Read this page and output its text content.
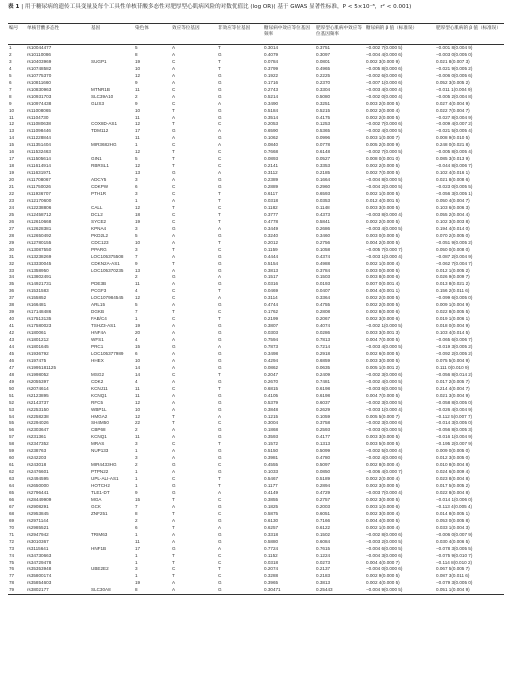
表 1 | 用于糖尿病的遗传工具变量及每个工具性单核苷酸多态性对肥厚型心肌病风险的对数优值比 (log OR)( 基于 GWAS 显著性标准，P < 5×10⁻⁸，r² < 0.001)
编号	单核苷酸多态性	基因	染色体	效应等位基因	非效应等位基因	糖尿病中效应等位基因频率	肥厚型心肌病中效应等位基因频率	糖尿病的 β 值（标准误）	肥厚型心肌病的 β 值（标准误）
1	rs10044477		5	A	T	0.3014	0.3751	−0.002 7(0.000 5)	−0.001 8(0.004 9)
2	rs10110086		8	A	G	0.4079	0.3097	−0.004 4(0.000 6)	−0.003 0(0.005 0)
3	rs10403969	SUGP1	19	C	T	0.0784	0.0801	0.002 3(0.000 9)	0.021 8(0.007 3)
4	rs10748582		10	A	T	0.3799	0.4965	−0.005 8(0.000 6)	−0.021 9(0.005 2)
5	rs10775370		12	A	G	0.1922	0.2225	−0.002 6(0.000 6)	−0.006 0(0.005 6)
6	rs10811660		9	A	G	0.1716	0.2370	−0.007 1(0.000 6)	0.052 3(0.005 2)
7	rs10830963	MTNR1B	11	C	G	0.2743	0.3304	−0.003 4(0.000 4)	−0.011 1(0.004 9)
8	rs10931703	SLC39A10	2	A	G	0.5214	0.5080	−0.002 0(0.000 4)	−0.005 2(0.004 8)
9	rs10974438	GLIS3	9	C	A	0.3490	0.3251	0.003 2(0.000 5)	0.027 4(0.004 9)
10	rs11008065		10	T	G	0.5184	0.5215	0.002 2(0.000 4)	0.022 7(0.004 7)
11	rs1104730		11	A	G	0.3514	0.4175	0.002 2(0.000 5)	−0.027 8(0.004 9)
12	rs11080638	COX8D-AS1	12	T	C	0.2053	0.1253	−0.002 7(0.000 6)	−0.009 4(0.007 2)
13	rs11098446	TDM112	17	G	A	0.6590	0.5365	−0.002 4(0.000 5)	−0.021 5(0.005 4)
14	rs11228844		11	A	G	0.1062	0.0996	0.003 1(0.000 7)	0.008 9(0.010 5)
15	rs11351404	MIR3682HG	1	C	A	0.0840	0.0778	0.005 2(0.000 9)	0.248 0(0.021 8)
16	rs11532463		12	T	C	0.7668	0.6148	−0.002 7(0.000 5)	−0.005 8(0.005 4)
17	rs11505614	GIN1	5	T	C	0.0893	0.0527	0.008 0(0.001 0)	0.085 3(0.013 9)
18	rs11614914	RBRSL1	12	T	C	0.2141	0.3353	0.002 2(0.000 5)	−0.044 8(0.006 7)
19	rs11631971		13	G	A	0.3112	0.2185	0.002 7(0.000 5)	0.102 4(0.016 1)
20	rs11708067	ADCY5	3	A	G	0.2389	0.1664	−0.004 8(0.000 5)	0.021 8(0.008 6)
21	rs11750026	CDKPW	6	C	G	0.2889	0.2960	−0.004 2(0.000 5)	−0.023 0(0.005 5)
22	rs11936707	PTH1R	3	C	T	0.6117	0.6593	0.002 1(0.000 5)	−0.056 3(0.005 1)
23	rs12170600		1	A	T	0.0318	0.0353	0.012 4(0.001 5)	0.050 4(0.004 7)
24	rs12238806	CALL	12	T	C	0.1182	0.1148	0.003 3(0.000 5)	0.103 6(0.006 3)
25	rs12458712	DCL2	18	C	T	0.3777	0.4373	−0.003 8(0.000 4)	0.055 2(0.004 4)
26	rs12610668	SYCE2	19	C	T	0.4778	0.5841	0.002 2(0.000 5)	0.102 3(0.003 8)
27	rs12628381	KPNA4	3	G	A	0.3449	0.2686	−0.003 4(0.000 5)	0.194 4(0.014 0)
28	rs12650492	PKD2L2	5	A	G	0.3240	0.3460	0.003 0(0.000 5)	0.070 2(0.005 0)
29	rs12780155	CDC123	10	A	T	0.2012	0.2756	0.004 2(0.000 5)	−0.051 9(0.005 2)
30	rs13087550	PPARG	3	T	C	0.1159	0.1058	−0.005 7(0.000 7)	0.050 0(0.008 0)
31	rs13238269	LOC105375508	7	A	G	0.4444	0.4374	−0.003 1(0.000 4)	−0.087 2(0.004 9)
32	rs13330045	CDKN2A-AS1	9	T	G	0.5154	0.4988	0.002 1(0.000 4)	−0.062 7(0.004 7)
33	rs1358950	LOC105370235	13	A	G	0.3813	0.3784	0.003 0(0.000 5)	0.012 1(0.005 2)
34	rs13802491		2	G	A	0.1517	0.1503	0.003 8(0.000 6)	0.026 9(0.009 7)
35	rs14921731	PDE3B	11	A	G	0.0316	0.0193	0.007 0(0.001 4)	0.013 8(0.021 2)
36	rs1531583	PCGF3	4	C	T	0.0469	0.0407	0.004 4(0.001 1)	0.156 2(0.011 6)
37	rs155852	LOC107984545	12	C	A	0.3114	0.3364	0.002 2(0.000 5)	−0.099 6(0.005 0)
38	rs166481	ARL15	5	A	G	0.4744	0.4755	0.002 2(0.000 5)	0.009 1(0.004 9)
39	rs17148486	DGKB	7	T	C	0.1762	0.2808	0.002 8(0.000 6)	0.022 8(0.005 5)
40	rs17513135	FAB/C4	1	C	T	0.2199	0.2067	0.002 3(0.000 6)	0.019 1(0.006 1)
41	rs17580023	TSHZ3-AS1	19	A	G	0.3807	0.4074	−0.002 1(0.000 5)	0.018 0(0.004 9)
42	rs180061	HNF4A	20	A	G	0.0303	0.0286	0.003 3(0.001 3)	0.103 4(0.014 5)
43	rs1801212	WFS1	4	A	G	0.7594	0.7813	0.004 7(0.000 5)	−0.065 6(0.006 7)
44	rs1801645	PRC1	15	G	A	0.7873	0.7214	−0.003 4(0.000 5)	−0.019 3(0.005 2)
45	rs1936792	LOC105377989	6	A	G	0.3498	0.2918	0.002 6(0.000 5)	−0.092 2(0.005 2)
46	rs197475	HHEX	10	A	G	0.4294	0.6859	0.003 3(0.000 5)	0.075 5(0.004 9)
47	rs1995181125		14	A	G	0.0862	0.0635	0.005 1(0.001 2)	0.111 0(0.010 9)
48	rs1998052	MSG2	14	C	T	0.2047	0.2409	−0.002 3(0.000 6)	−0.056 8(0.014 2)
49	rs2055397	CDK2	4	A	G	0.2670	0.7481	−0.002 4(0.000 5)	0.017 2(0.005 7)
50	rs2074614	KCNJ11	11	C	T	0.6815	0.6198	−0.003 6(0.000 5)	0.214 4(0.004 7)
51	rs2123895	KCNQ1	11	A	G	0.4105	0.6198	0.004 7(0.000 5)	0.021 3(0.004 9)
52	rs2143737	RFC5	12	A	G	0.5379	0.6037	−0.002 3(0.000 5)	−0.058 8(0.005 0)
53	rs2253150	WBP1L	10	A	G	0.3848	0.2629	−0.003 1(0.000 4)	−0.026 4(0.004 9)
54	rs2258238	HMGA2	12	T	A	0.1215	0.1059	0.005 5(0.000 7)	−0.112 5(0.007 7)
55	rs2294026	SH4M50	22	T	C	0.3004	0.3758	−0.002 3(0.000 6)	−0.014 3(0.005 0)
56	rs2303647	CBP68	2	A	G	0.1868	0.2593	−0.003 0(0.000 5)	−0.056 8(0.005 3)
57	rs231361	KCNQ1	11	A	G	0.3593	0.4177	0.003 3(0.000 5)	−0.016 1(0.004 9)
58	rs2347352	MRAS	3	C	T	0.1572	0.1313	0.003 5(0.000 5)	−0.195 2(0.007 9)
59	rs238763	NUP133	1	A	G	0.5150	0.5099	−0.002 5(0.000 4)	0.009 0(0.005 0)
60	rs242203		3	A	G	0.3981	0.4780	−0.002 4(0.000 6)	0.012 3(0.005 0)
61	rs243018	MIR4433HG	2	G	C	0.4555	0.5097	0.002 8(0.000 4)	0.010 8(0.004 8)
62	rs2476601	PTPN22	1	A	G	0.1033	0.0850	−0.006 4(0.000 7)	0.024 6(0.009 4)
63	rs2494595	UPL-ALI-AS1	1	C	T	0.5467	0.5189	0.002 2(0.000 4)	0.023 8(0.004 8)
64	rs2650000	HOTCH2	1	G	T	0.1177	0.2894	0.002 3(0.000 5)	0.017 5(0.005 2)
65	rs2796441	TLE1-DT	9	G	A	0.4149	0.4729	−0.003 7(0.000 4)	0.022 8(0.004 8)
66	rs28449909	MGA	15	T	C	0.3855	0.2757	0.002 3(0.000 5)	−0.014 1(0.006 0)
67	rs2908291	GCK	7	A	G	0.1825	0.2003	0.003 1(0.000 6)	−0.113 4(0.005 4)
68	rs2953845	ZNF251	8	T	C	0.5875	0.6051	0.002 3(0.000 4)	0.014 8(0.005 1)
69	rs2971144		2	A	G	0.6130	0.7166	0.004 4(0.000 5)	0.053 0(0.005 8)
70	rs2985521		6	T	A	0.6257	0.6122	0.002 1(0.000 4)	0.033 1(0.004 3)
71	rs2947942	TRIM63	1	A	G	0.3318	0.1502	−0.002 8(0.000 6)	−0.006 0(0.007 9)
72	rs3010367		11	A	G	0.5880	0.6084	−0.003 2(0.000 5)	0.030 4(0.006 5)
73	rs3115641	HNF1B	17	G	A	0.7724	0.7615	−0.004 6(0.000 5)	−0.078 3(0.005 5)
74	rs34730663		1	T	C	0.1152	0.1224	−0.004 3(0.000 6)	−0.075 9(0.010 7)
75	rs34729478		1	T	C	0.0318	0.0273	0.004 4(0.000 7)	−0.114 8(0.010 2)
76	rs35353948	UBE2E2	3	C	T	0.2074	0.2137	−0.004 0(0.000 6)	0.067 5(0.005 7)
77	rs35800174		1	T	C	0.3288	0.2183	0.002 9(0.000 5)	0.087 3(0.011 6)
78	rs35854603		19	A	G	0.3965	0.3813	0.002 4(0.000 5)	−0.079 3(0.005 0)
79	rs3802177	SLC30A8	8	A	G	0.30471	0.25443	−0.004 9(0.000 5)	0.051 1(0.004 9)
